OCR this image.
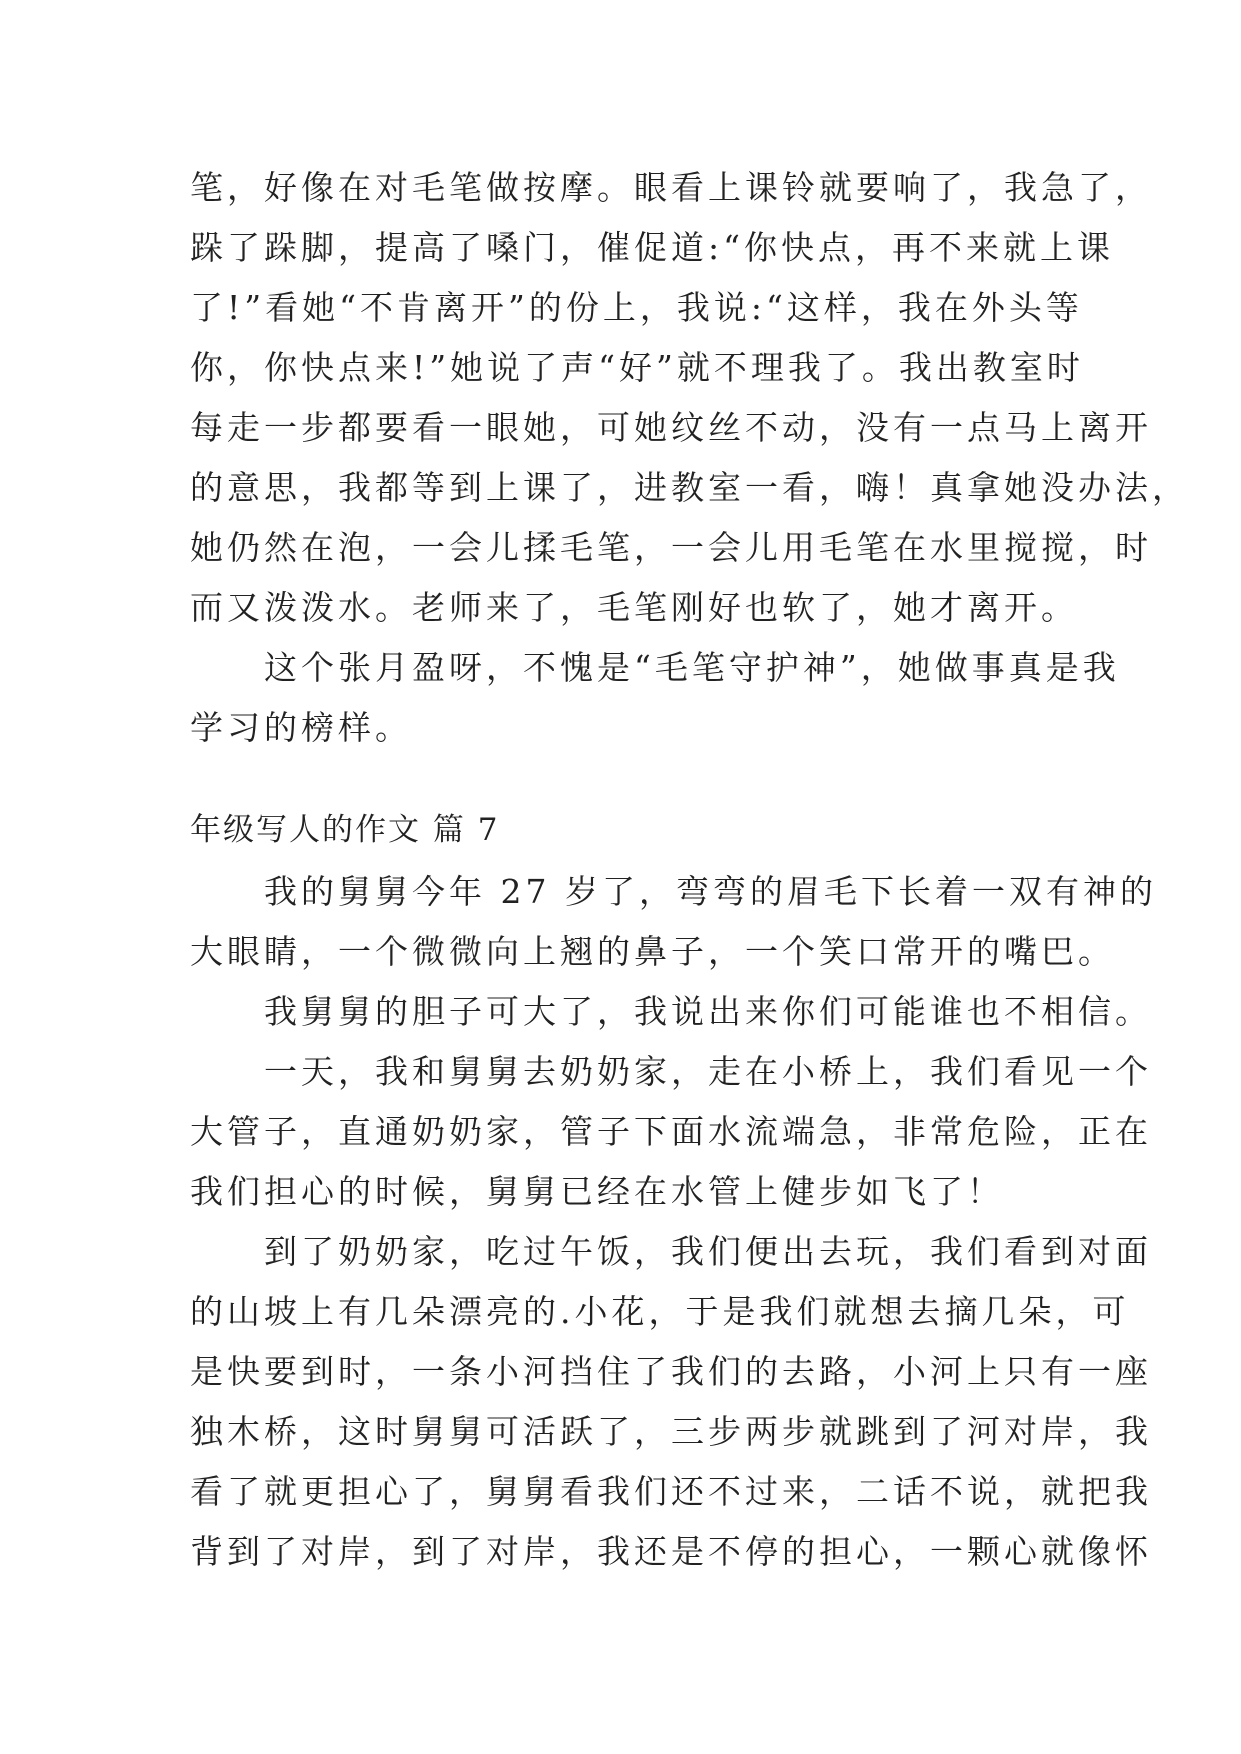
笔，好像在对毛笔做按摩。眼看上课铃就要响了，我急了，
跺了跺脚，提高了嗓门，催促道:“你快点，再不来就上课
了!”看她“不肯离开”的份上，我说:“这样，我在外头等
你，你快点来!”她说了声“好”就不理我了。我出教室时
每走一步都要看一眼她，可她纹丝不动，没有一点马上离开
的意思，我都等到上课了，进教室一看，嗨！真拿她没办法，
她仍然在泡，一会儿揉毛笔，一会儿用毛笔在水里搅搅，时
而又泼泼水。老师来了，毛笔刚好也软了，她才离开。
　　这个张月盈呀，不愧是“毛笔守护神”，她做事真是我
学习的榜样。
年级写人的作文 篇 7
　　我的舅舅今年 27 岁了，弯弯的眉毛下长着一双有神的
大眼睛，一个微微向上翘的鼻子，一个笑口常开的嘴巴。
　　我舅舅的胆子可大了，我说出来你们可能谁也不相信。
　　一天，我和舅舅去奶奶家，走在小桥上，我们看见一个
大管子，直通奶奶家，管子下面水流端急，非常危险，正在
我们担心的时候，舅舅已经在水管上健步如飞了！
　　到了奶奶家，吃过午饭，我们便出去玩，我们看到对面
的山坡上有几朵漂亮的.小花，于是我们就想去摘几朵，可
是快要到时，一条小河挡住了我们的去路，小河上只有一座
独木桥，这时舅舅可活跃了，三步两步就跳到了河对岸，我
看了就更担心了，舅舅看我们还不过来，二话不说，就把我
背到了对岸，到了对岸，我还是不停的担心，一颗心就像怀
